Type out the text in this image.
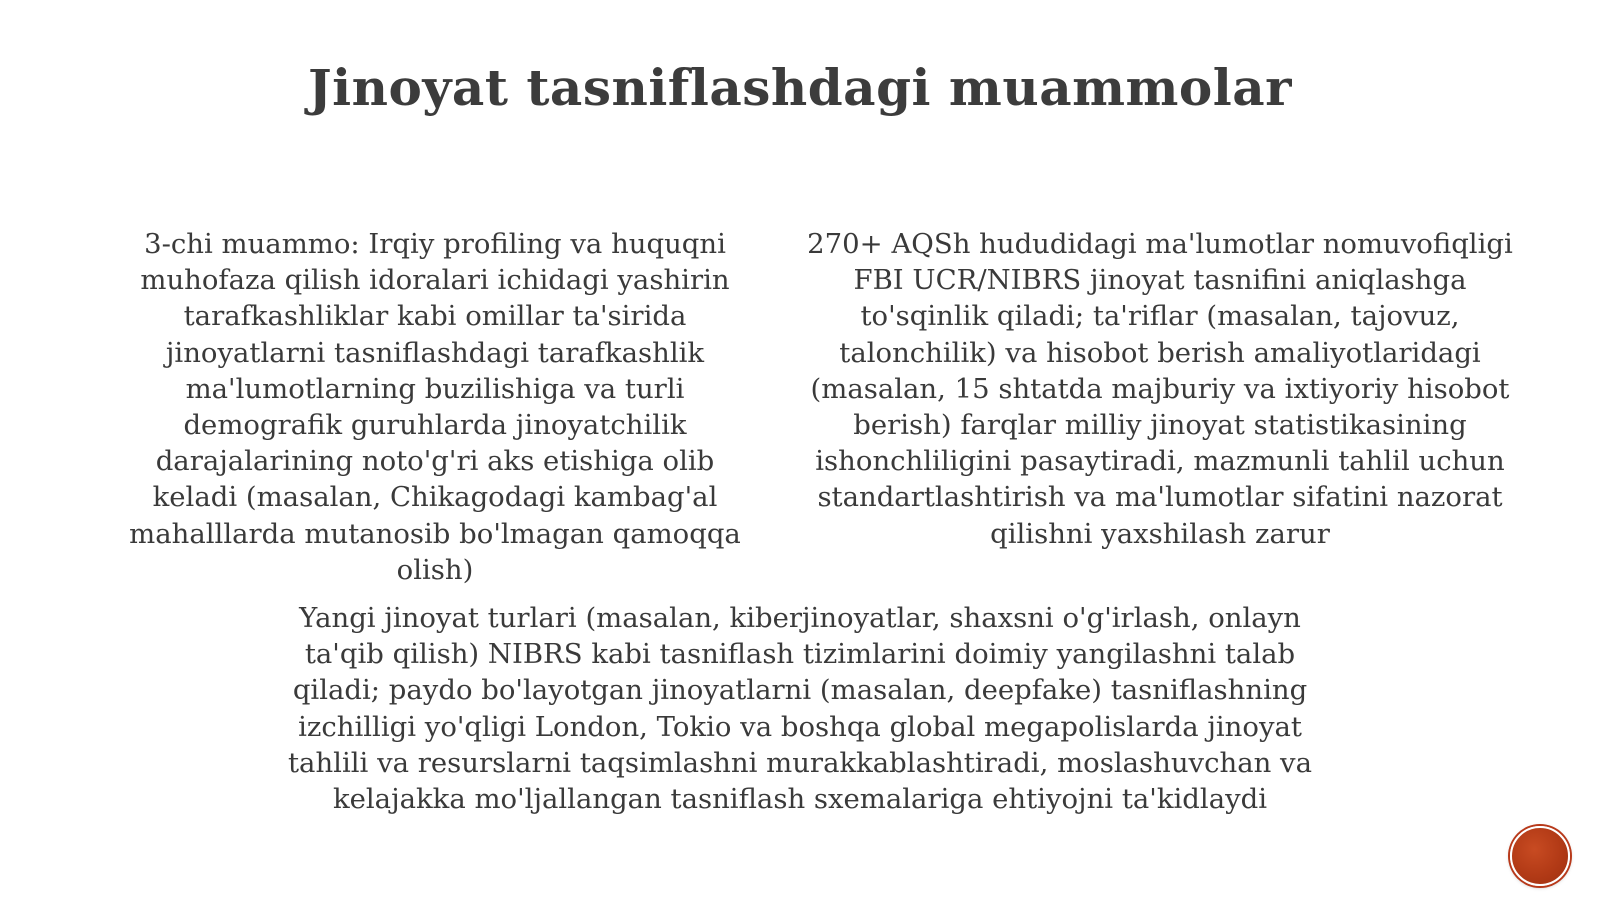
Jinoyat tasniflashdagi muammolar

3-chi muammo: Irqiy profiling va huquqni muhofaza qilish idoralari ichidagi yashirin tarafkashliklar kabi omillar ta'sirida jinoyatlarni tasniflashdagi tarafkashlik ma'lumotlarning buzilishiga va turli demografik guruhlarda jinoyatchilik darajalarining noto'g'ri aks etishiga olib keladi (masalan, Chikagodagi kambag'al mahalllarda mutanosib bo'lmagan qamoqqa olish)

270+ AQSh hududidagi ma'lumotlar nomuvofiqligi FBI UCR/NIBRS jinoyat tasnifini aniqlashga to'sqinlik qiladi; ta'riflar (masalan, tajovuz, talonchilik) va hisobot berish amaliyotlaridagi (masalan, 15 shtatda majburiy va ixtiyoriy hisobot berish) farqlar milliy jinoyat statistikasining ishonchliligini pasaytiradi, mazmunli tahlil uchun standartlashtirish va ma'lumotlar sifatini nazorat qilishni yaxshilash zarur

Yangi jinoyat turlari (masalan, kiberjinoyatlar, shaxsni o'g'irlash, onlayn ta'qib qilish) NIBRS kabi tasniflash tizimlarini doimiy yangilashni talab qiladi; paydo bo'layotgan jinoyatlarni (masalan, deepfake) tasniflashning izchilligi yo'qligi London, Tokio va boshqa global megapolislarda jinoyat tahlili va resurslarni taqsimlashni murakkablashtiradi, moslashuvchan va kelajakka mo'ljallangan tasniflash sxemalariga ehtiyojni ta'kidlaydi
